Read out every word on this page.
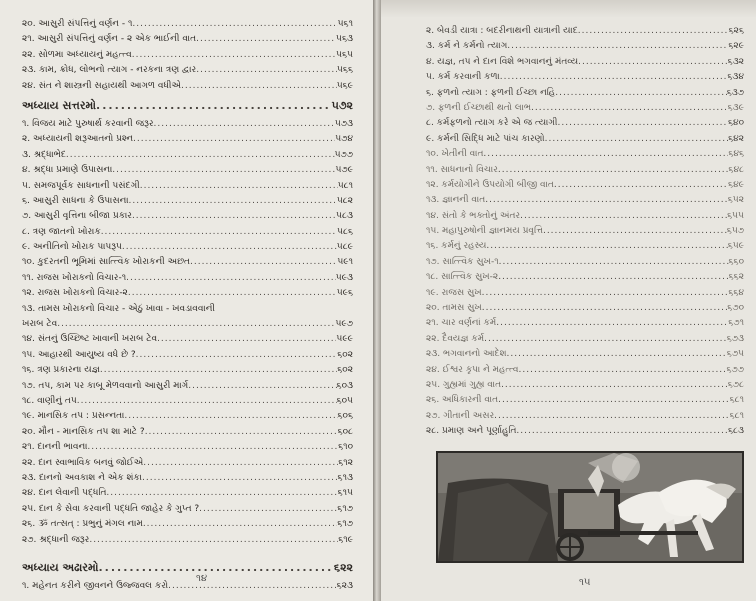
૨૦. આસુરી સંપત્તિનું વર્ણન - ૧ .....	૫૬૧
૨૧. આસુરી સંપત્તિનું વર્ણન - ૨ એક ભાઈની વાત .....	૫૬૩
૨૨. સોળમા અધ્યાયનું મહત્ત્વ .....	૫૬૫
૨૩. કામ, ક્રોધ, લોભનો ત્યાગ - નરકના ત્રણ દ્વાર .....	૫૬૬
૨૪. સંત ને શાસ્ત્રની સહાયથી આગળ વધીએ .....	૫૬૯
અધ્યાય સત્તરમો .....	૫૭૨
૧. વિજય માટે પુરુષાર્થ કરવાની જરૂર .....	૫૭૩
૨. અધ્યાયની શરૂઆતનો પ્રશ્ન .....	૫૭૪
૩. શ્રદ્ધાભેદ .....	૫૭૭
૪. શ્રદ્ધા પ્રમાણે ઉપાસના .....	૫૭૯
૫. સમજપૂર્વક સાધનાની પસંદગી .....	૫૮૧
૬. આસુરી સાધના કે ઉપાસના .....	૫૮૨
૭. આસુરી વૃત્તિના બીજા પ્રકાર .....	૫૮૩
૮. ત્રણ જાતનો ખોરાક .....	૫૮૬
૯. અનીતિનો ખોરાક પાપરૂપ .....	૫૮૯
૧૦. કુદરતની ભૂમિમાં સાત્ત્વિક ખોરાકની અછત .....	૫૯૧
૧૧. રાજસ ખોરાકનો વિચાર-૧ .....	૫૯૩
૧૨. રાજસ ખોરાકનો વિચાર-૨ .....	૫૯૬
૧૩. તામસ ખોરાકનો વિચાર - એઠું ખાવા - ખવડાવવાની
ખરાબ ટેવ .....	૫૯૭
૧૪. સંતનું ઉચ્છિષ્ટ ખાવાની ખરાબ ટેવ .....	૫૯૯
૧૫. આહારથી આયુષ્ય વધે છે ? .....	૬૦૨
૧૬. ત્રણ પ્રકારના યજ્ઞ .....	૬૦૨
૧૭. તપ, કામ પર કાબૂ મેળવવાનો આસુરી માર્ગ .....	૬૦૩
૧૮. વાણીનું તપ .....	૬૦૫
૧૯. માનસિક તપ : પ્રસન્નતા .....	૬૦૬
૨૦. મૌન - માનસિક તપ શા માટે ? .....	૬૦૮
૨૧. દાનની ભાવના .....	૬૧૦
૨૨. દાન સ્વાભાવિક બનવું જોઈએ .....	૬૧૨
૨૩. દાનનો અવકાશ ને એક શંકા .....	૬૧૩
૨૪. દાન લેવાની પદ્ધતિ .....	૬૧૫
૨૫. દાન કે સેવા કરવાની પદ્ધતિ જાહેર કે ગુપ્ત ? .....	૬૧૭
૨૬. ૐ તત્સત્ : પ્રભુનું મંગલ નામ .....	૬૧૭
૨૭. શ્રદ્ધાની જરૂર .....	૬૧૯
અધ્યાય અઢારમો .....	૬૨૨
૧. મહેનત કરીને જીવનને ઉજ્જવલ કરો .....	૬૨૩
૨. બેવડી યાત્રા : બદરીનાથની યાત્રાની યાદ .....	૬૨૬
૩. કર્મ ને કર્મનો ત્યાગ .....	૬૨૯
૪. યજ્ઞ, તપ ને દાન વિશે ભગવાનનું મંતવ્ય .....	૬૩૨
૫. કર્મ કરવાની કળા .....	૬૩૪
૬. ફળનો ત્યાગ : ફળની ઈચ્છા નહિ .....	૬૩૭
૭. ફળની ઈચ્છાથી થતો લાભ .....	૬૩૯
૮. કર્મફળનો ત્યાગ કરે એ જ ત્યાગી .....	૬૪૦
૯. કર્મની સિદ્ધિ માટે પાંચ કારણો .....	૬૪૨
૧૦. ખેતીની વાત .....	૬૪૬
૧૧. સાધનાનો વિચાર .....	૬૪૮
૧૨. કર્મયોગીને ઉપયોગી બીજી વાત .....	૬૪૯
૧૩. જ્ઞાનની વાત .....	૬૫૨
૧૪. સંતો કે ભક્તોનું અંતર .....	૬૫૫
૧૫. મહાપુરુષોની જ્ઞાનમય પ્રવૃત્તિ .....	૬૫૭
૧૬. કર્મનું રહસ્ય .....	૬૫૯
૧૭. સાત્ત્વિક સુખ-૧ .....	૬૬૦
૧૮. સાત્ત્વિક સુખ-૨ .....	૬૬૨
૧૯. રાજસ સુખ .....	૬૬૪
૨૦. તામસ સુખ .....	૬૭૦
૨૧. ચાર વર્ણનાં કર્મ .....	૬૭૧
૨૨. દૈવયજ્ઞ કર્મ .....	૬૭૩
૨૩. ભગવાનનો આદેશ .....	૬૭૫
૨૪. ઈશ્વર કૃપા ને મહત્ત્વ .....	૬૭૭
૨૫. ગુહ્યમાં ગુહ્ય વાત .....	૬૭૮
૨૬. અધિકારની વાત .....	૬૮૧
૨૭. ગીતાની અસર .....	૬૮૧
૨૮. પ્રમાણ અને પૂર્ણાહુતિ .....	૬૮૩
૧૪	૧૫
